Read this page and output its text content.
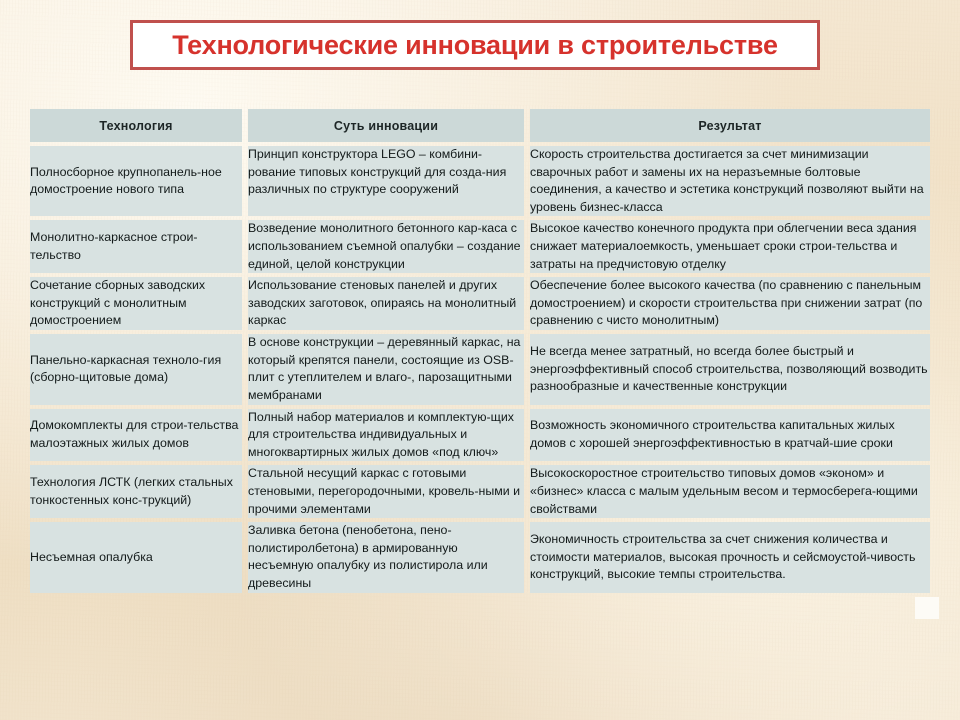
Технологические инновации в строительстве
Технология	Суть инновации	Результат
Полносборное крупнопанель-ное домостроение нового типа	Принцип конструктора LEGO – комбини-рование типовых конструкций для созда-ния различных по структуре сооружений	Скорость строительства достигается за счет минимизации сварочных работ и замены их на неразъемные болтовые соединения, а качество и эстетика конструкций позволяют выйти на уровень бизнес-класса
Монолитно-каркасное строи-тельство	Возведение монолитного бетонного кар-каса с использованием съемной опалубки – создание единой, целой конструкции	Высокое качество конечного продукта при облегчении веса здания снижает материалоемкость, уменьшает сроки строи-тельства и затраты на предчистовую отделку
Сочетание сборных заводских конструкций с монолитным домостроением	Использование стеновых панелей и других заводских заготовок, опираясь на монолитный каркас	Обеспечение более высокого качества (по сравнению с панельным домостроением) и скорости строительства при снижении затрат (по сравнению с чисто монолитным)
Панельно-каркасная техноло-гия (сборно-щитовые дома)	В основе конструкции – деревянный каркас, на который крепятся панели, состоящие из OSB-плит с утеплителем и влаго-, парозащитными мембранами	Не всегда менее затратный, но всегда более быстрый и энергоэффективный способ строительства, позволяющий возводить разнообразные и качественные конструкции
Домокомплекты для строи-тельства малоэтажных жилых домов	Полный набор материалов и комплектую-щих для строительства индивидуальных и многоквартирных жилых домов «под ключ»	Возможность экономичного строительства капитальных жилых домов с хорошей энергоэффективностью в кратчай-шие сроки
Технология ЛСТК (легких стальных тонкостенных конс-трукций)	Стальной несущий каркас с готовыми стеновыми, перегородочными, кровель-ными и прочими элементами	Высокоскоростное строительство типовых домов «эконом» и «бизнес» класса с малым удельным весом и термосберега-ющими свойствами
Несъемная опалубка	Заливка бетона (пенобетона, пено-полистиролбетона) в армированную несъемную опалубку из полистирола или древесины	Экономичность строительства за счет снижения количества и стоимости материалов, высокая прочность и сейсмоустой-чивость конструкций, высокие темпы строительства.
